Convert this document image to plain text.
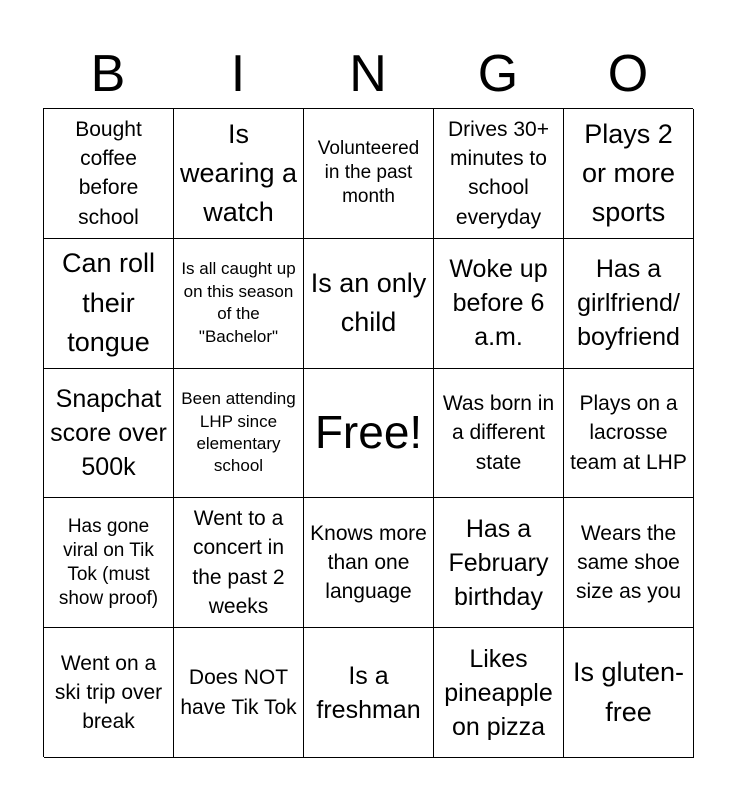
B	I	N	G	O
Bought coffee before school
Is wearing a watch
Volunteered in the past month
Drives 30+ minutes to school everyday
Plays 2 or more sports
Can roll their tongue
Is all caught up on this season of the "Bachelor"
Is an only child
Woke up before 6 a.m.
Has a girlfriend/ boyfriend
Snapchat score over 500k
Been attending LHP since elementary school
Free!
Was born in a different state
Plays on a lacrosse team at LHP
Has gone viral on Tik Tok (must show proof)
Went to a concert in the past 2 weeks
Knows more than one language
Has a February birthday
Wears the same shoe size as you
Went on a ski trip over break
Does NOT have Tik Tok
Is a freshman
Likes pineapple on pizza
Is gluten-free
